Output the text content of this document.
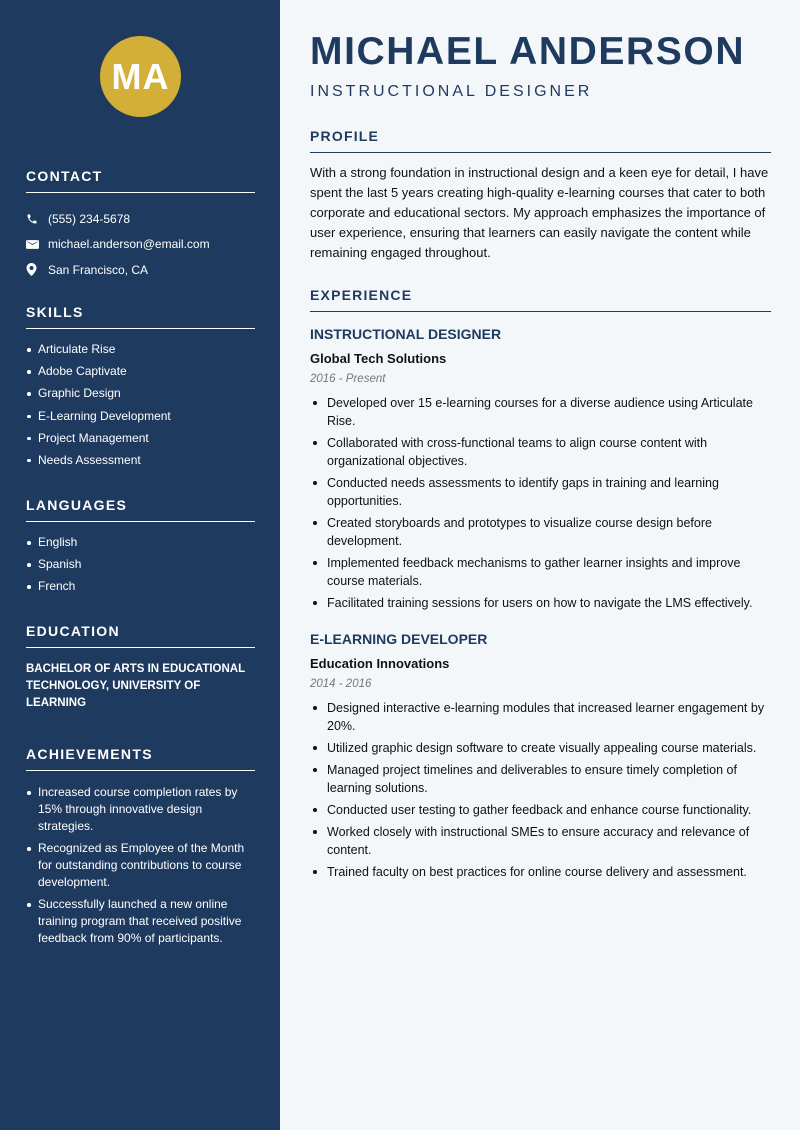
MA
CONTACT
(555) 234-5678
michael.anderson@email.com
San Francisco, CA
SKILLS
Articulate Rise
Adobe Captivate
Graphic Design
E-Learning Development
Project Management
Needs Assessment
LANGUAGES
English
Spanish
French
EDUCATION
BACHELOR OF ARTS IN EDUCATIONAL TECHNOLOGY, UNIVERSITY OF LEARNING
ACHIEVEMENTS
Increased course completion rates by 15% through innovative design strategies.
Recognized as Employee of the Month for outstanding contributions to course development.
Successfully launched a new online training program that received positive feedback from 90% of participants.
MICHAEL ANDERSON
INSTRUCTIONAL DESIGNER
PROFILE
With a strong foundation in instructional design and a keen eye for detail, I have spent the last 5 years creating high-quality e-learning courses that cater to both corporate and educational sectors. My approach emphasizes the importance of user experience, ensuring that learners can easily navigate the content while remaining engaged throughout.
EXPERIENCE
INSTRUCTIONAL DESIGNER
Global Tech Solutions
2016 - Present
Developed over 15 e-learning courses for a diverse audience using Articulate Rise.
Collaborated with cross-functional teams to align course content with organizational objectives.
Conducted needs assessments to identify gaps in training and learning opportunities.
Created storyboards and prototypes to visualize course design before development.
Implemented feedback mechanisms to gather learner insights and improve course materials.
Facilitated training sessions for users on how to navigate the LMS effectively.
E-LEARNING DEVELOPER
Education Innovations
2014 - 2016
Designed interactive e-learning modules that increased learner engagement by 20%.
Utilized graphic design software to create visually appealing course materials.
Managed project timelines and deliverables to ensure timely completion of learning solutions.
Conducted user testing to gather feedback and enhance course functionality.
Worked closely with instructional SMEs to ensure accuracy and relevance of content.
Trained faculty on best practices for online course delivery and assessment.
